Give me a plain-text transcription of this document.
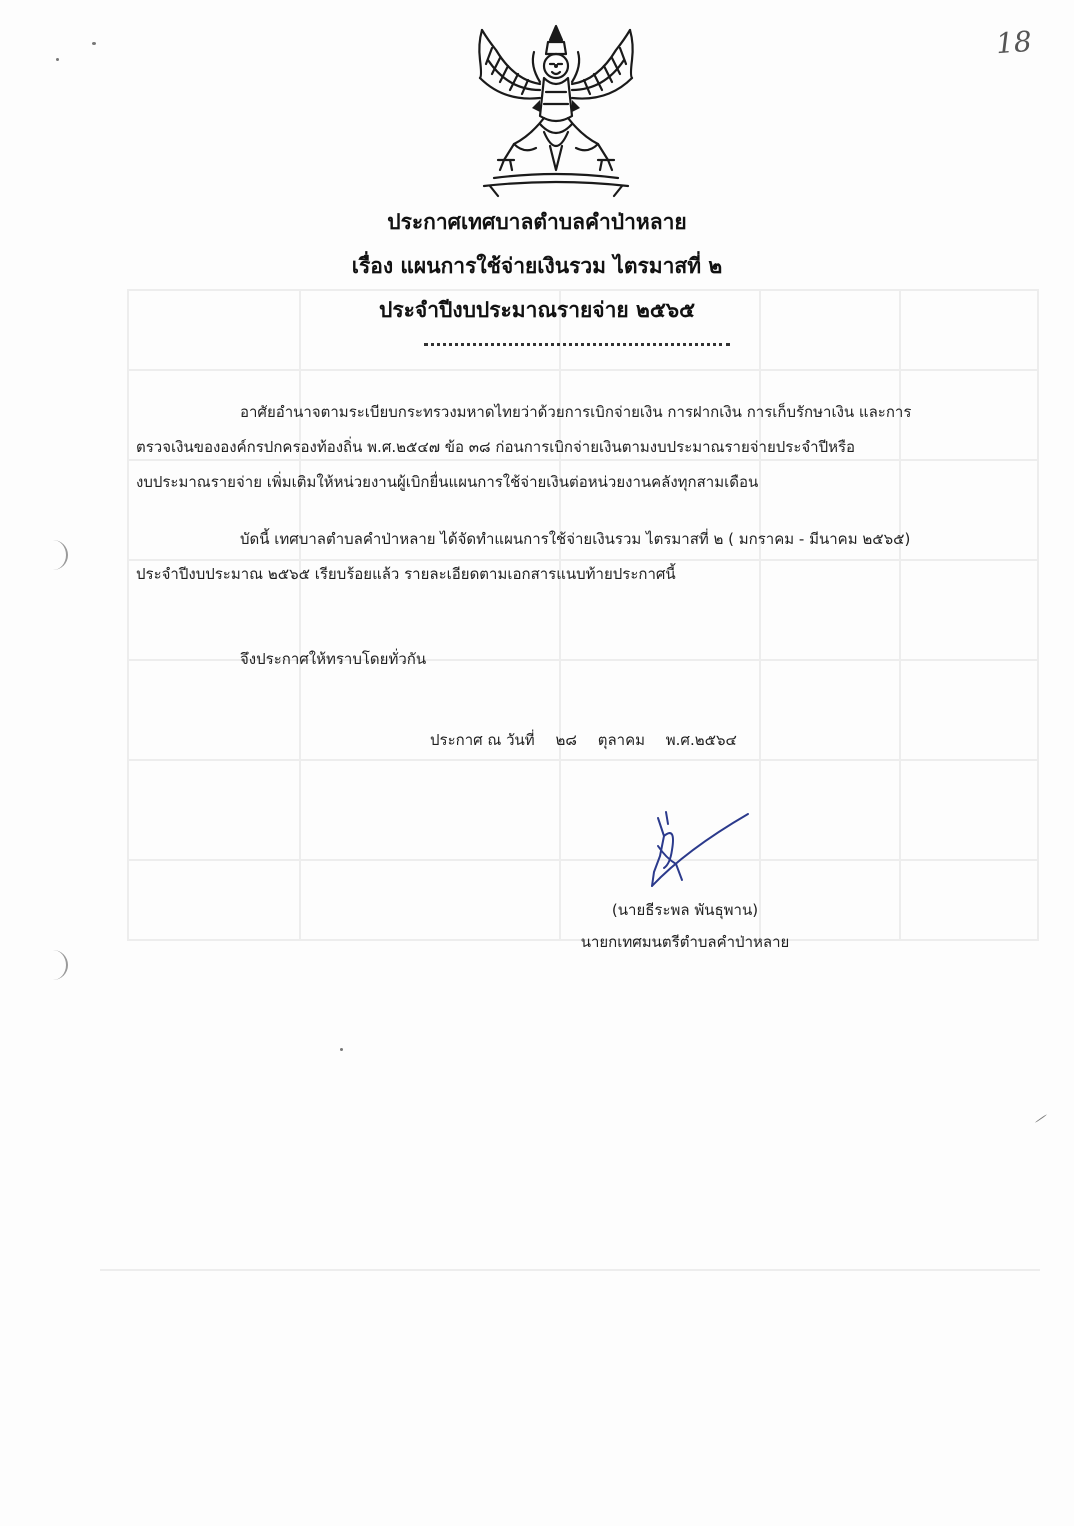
18
ประกาศเทศบาลตำบลคำป่าหลาย
เรื่อง แผนการใช้จ่ายเงินรวม ไตรมาสที่ ๒
ประจำปีงบประมาณรายจ่าย ๒๕๖๕
อาศัยอำนาจตามระเบียบกระทรวงมหาดไทยว่าด้วยการเบิกจ่ายเงิน การฝากเงิน การเก็บรักษาเงิน และการ
ตรวจเงินขององค์กรปกครองท้องถิ่น พ.ศ.๒๕๔๗ ข้อ ๓๘ ก่อนการเบิกจ่ายเงินตามงบประมาณรายจ่ายประจำปีหรือ
งบประมาณรายจ่าย เพิ่มเติมให้หน่วยงานผู้เบิกยื่นแผนการใช้จ่ายเงินต่อหน่วยงานคลังทุกสามเดือน
บัดนี้ เทศบาลตำบลคำป่าหลาย ได้จัดทำแผนการใช้จ่ายเงินรวม ไตรมาสที่ ๒ ( มกราคม - มีนาคม ๒๕๖๕)
ประจำปีงบประมาณ ๒๕๖๕ เรียบร้อยแล้ว รายละเอียดตามเอกสารแนบท้ายประกาศนี้
จึงประกาศให้ทราบโดยทั่วกัน
ประกาศ ณ วันที่ ๒๘ ตุลาคม พ.ศ.๒๕๖๔
(นายธีระพล พันธุพาน)
นายกเทศมนตรีตำบลคำป่าหลาย
